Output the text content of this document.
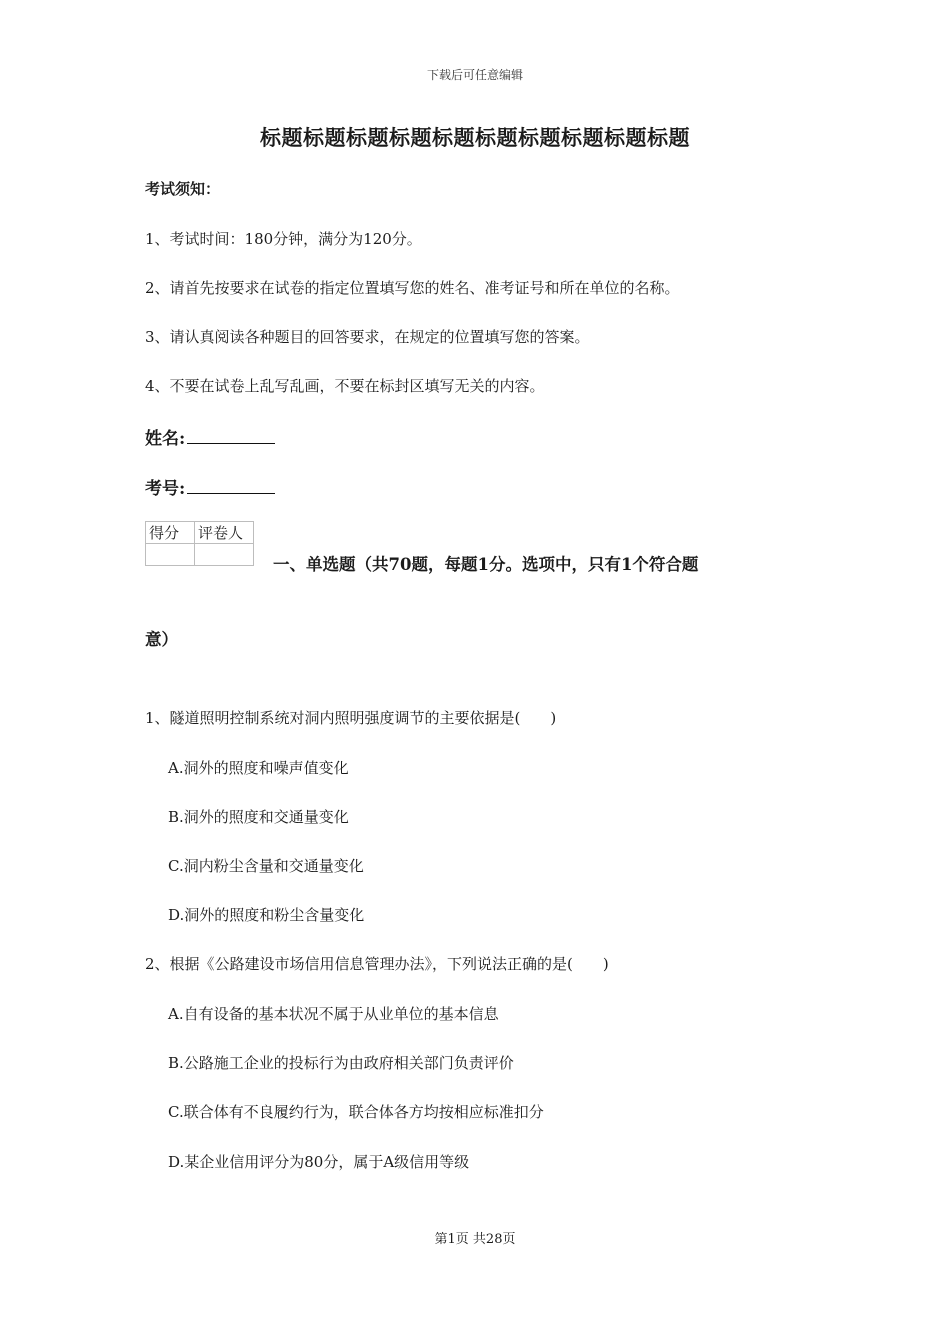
下载后可任意编辑
标题标题标题标题标题标题标题标题标题标题
考试须知：
1、考试时间：180分钟，满分为120分。
2、请首先按要求在试卷的指定位置填写您的姓名、准考证号和所在单位的名称。
3、请认真阅读各种题目的回答要求，在规定的位置填写您的答案。
4、不要在试卷上乱写乱画，不要在标封区填写无关的内容。
姓名:
考号:
得分	评卷人

一、单选题（共70题，每题1分。选项中，只有1个符合题
意）
1、隧道照明控制系统对洞内照明强度调节的主要依据是(　　)
A.洞外的照度和噪声值变化
B.洞外的照度和交通量变化
C.洞内粉尘含量和交通量变化
D.洞外的照度和粉尘含量变化
2、根据《公路建设市场信用信息管理办法》，下列说法正确的是(　　)
A.自有设备的基本状况不属于从业单位的基本信息
B.公路施工企业的投标行为由政府相关部门负责评价
C.联合体有不良履约行为，联合体各方均按相应标准扣分
D.某企业信用评分为80分，属于A级信用等级
第1页 共28页
